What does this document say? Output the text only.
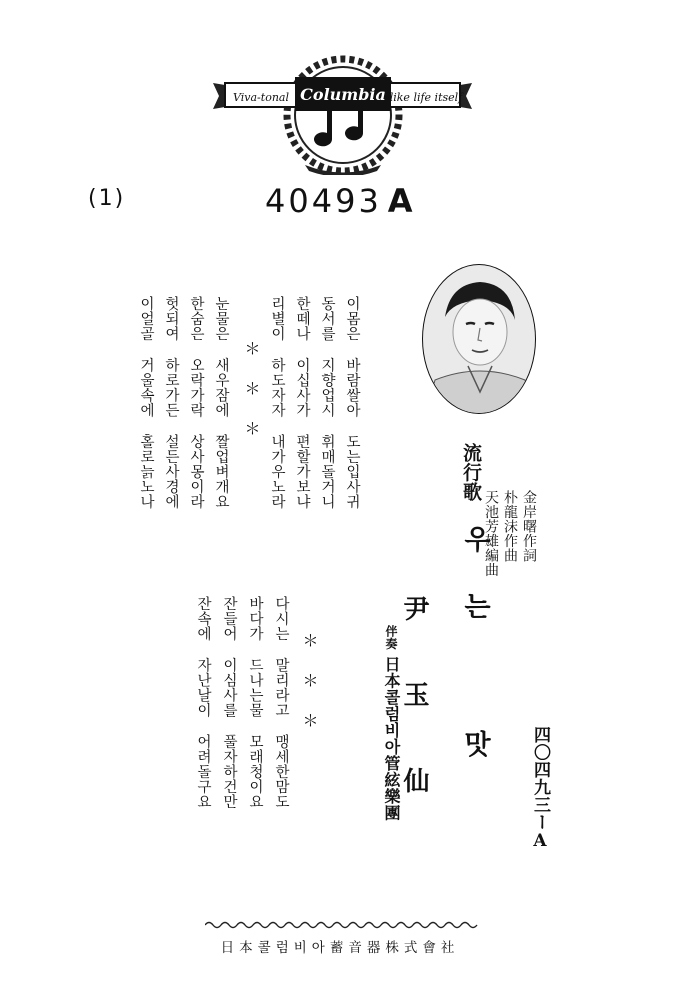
Viva-tonal Columbia like life itself
(1)	40493 A
이몸은 바람쌀아 도는입사귀
동서를 지향업시 휘매돌거니
한떼나 이십사가 편할가보냐
리별이 하도자자 내가우노라
＊　＊　＊
눈물은 새우잠에 짤업벼개요
한숨은 오락가락 상사몽이라
헛되여 하로가든 설든사경에
이얼골 거울속에 홀로늙노나
＊　＊　＊
다시는 말리라고 맹세한맘도
바다가 드나는물 모래청이요
잔들어 이심사를 풀자하건만
잔속에 자난날이 어려돌구요
流行歌
우는 맛 金岸曙作詞
朴龍沫作曲
天池芳雄編曲
尹玉仙
伴奏日本콜럼비아管絃樂團	四〇四九三ーA
日本콜럼비아蓄音器株式會社
